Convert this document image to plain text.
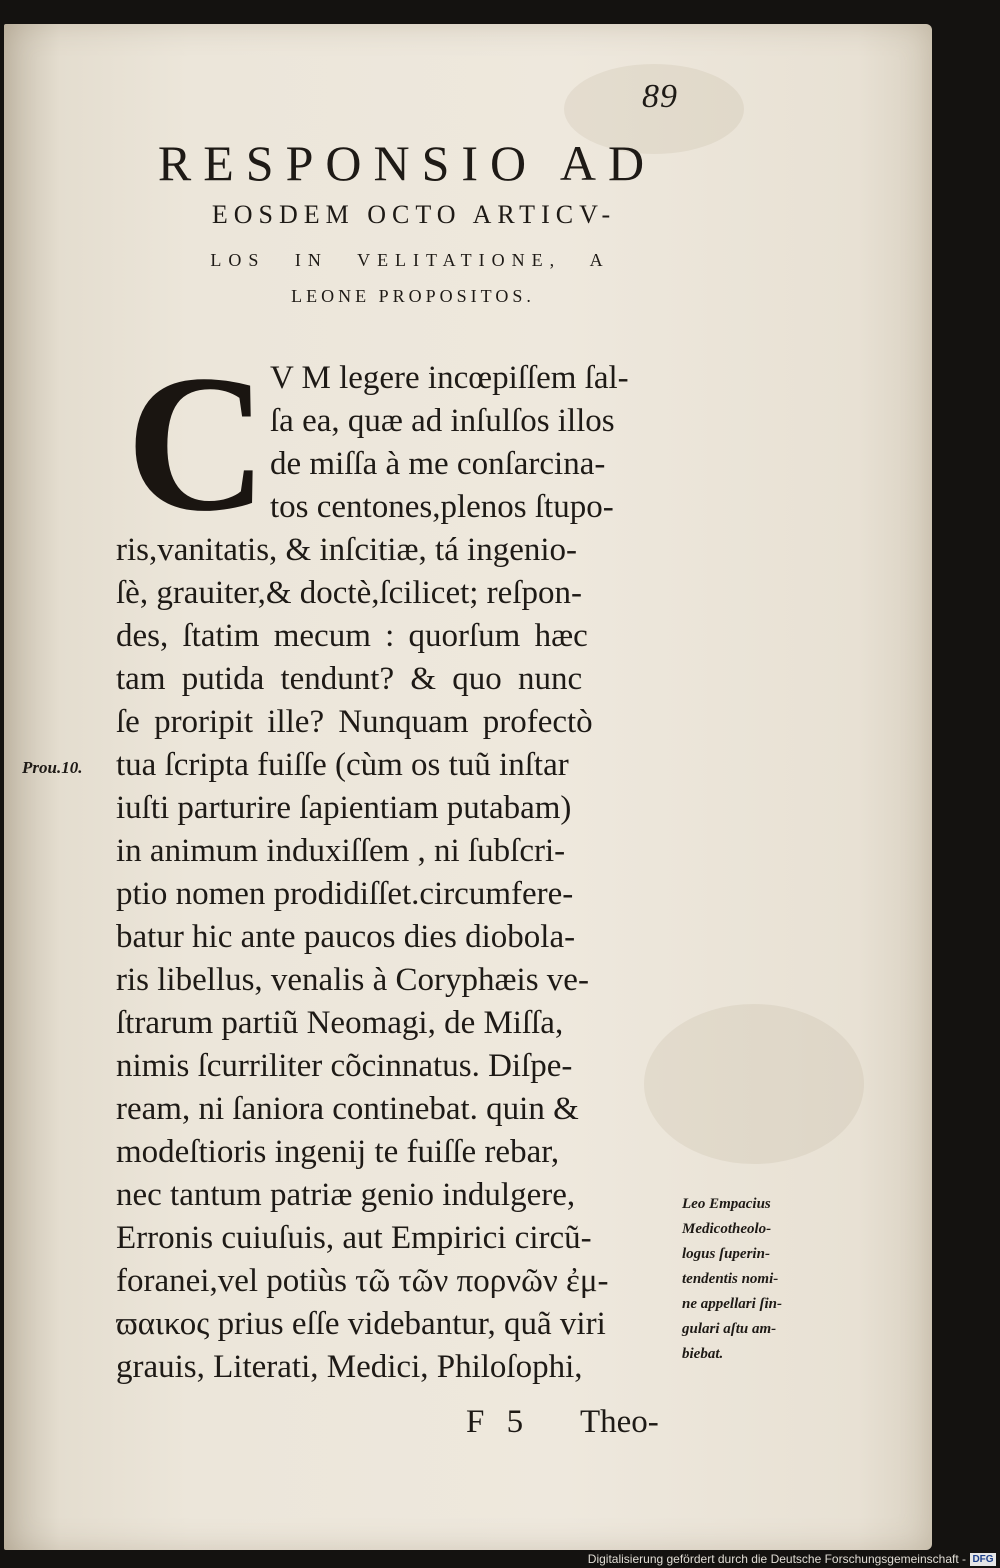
89
RESPONSIO AD
EOSDEM OCTO ARTICV-
LOS IN VELITATIONE, A
LEONE PROPOSITOS.
C V M legere incœpiſſem ſal-
ſa ea, quæ ad inſulſos illos
de miſſa à me conſarcina-
tos centones,plenos ſtupo-
ris,vanitatis, & inſcitiæ, tá ingenio-
ſè, grauiter,& doctè,ſcilicet; reſpon-
des, ſtatim mecum : quorſum hæc
tam putida tendunt? & quo nunc
ſe proripit ille? Nunquam profectò
tua ſcripta fuiſſe (cùm os tuũ inſtar
iuſti parturire ſapientiam putabam)
in animum induxiſſem , ni ſubſcri-
ptio nomen prodidiſſet.circumfere-
batur hic ante paucos dies diobola-
ris libellus, venalis à Coryphæis ve-
ſtrarum partiũ Neomagi, de Miſſa,
nimis ſcurriliter cõcinnatus. Diſpe-
ream, ni ſaniora continebat. quin &
modeſtioris ingenij te fuiſſe rebar,
nec tantum patriæ genio indulgere,
Erronis cuiuſuis, aut Empirici circũ-
foranei,vel potiùs τῶ τῶν πορνῶν ἐμ-
ϖαικος prius eſſe videbantur, quã viri
grauis, Literati, Medici, Philoſophi,
Prou.10.
Leo Empacius
Medicotheolo-
logus ſuperin-
tendentis nomi-
ne appellari ſin-
gulari aſtu am-
biebat.
F 5 Theo-
Digitalisierung gefördert durch die Deutsche Forschungsgemeinschaft - DFG
